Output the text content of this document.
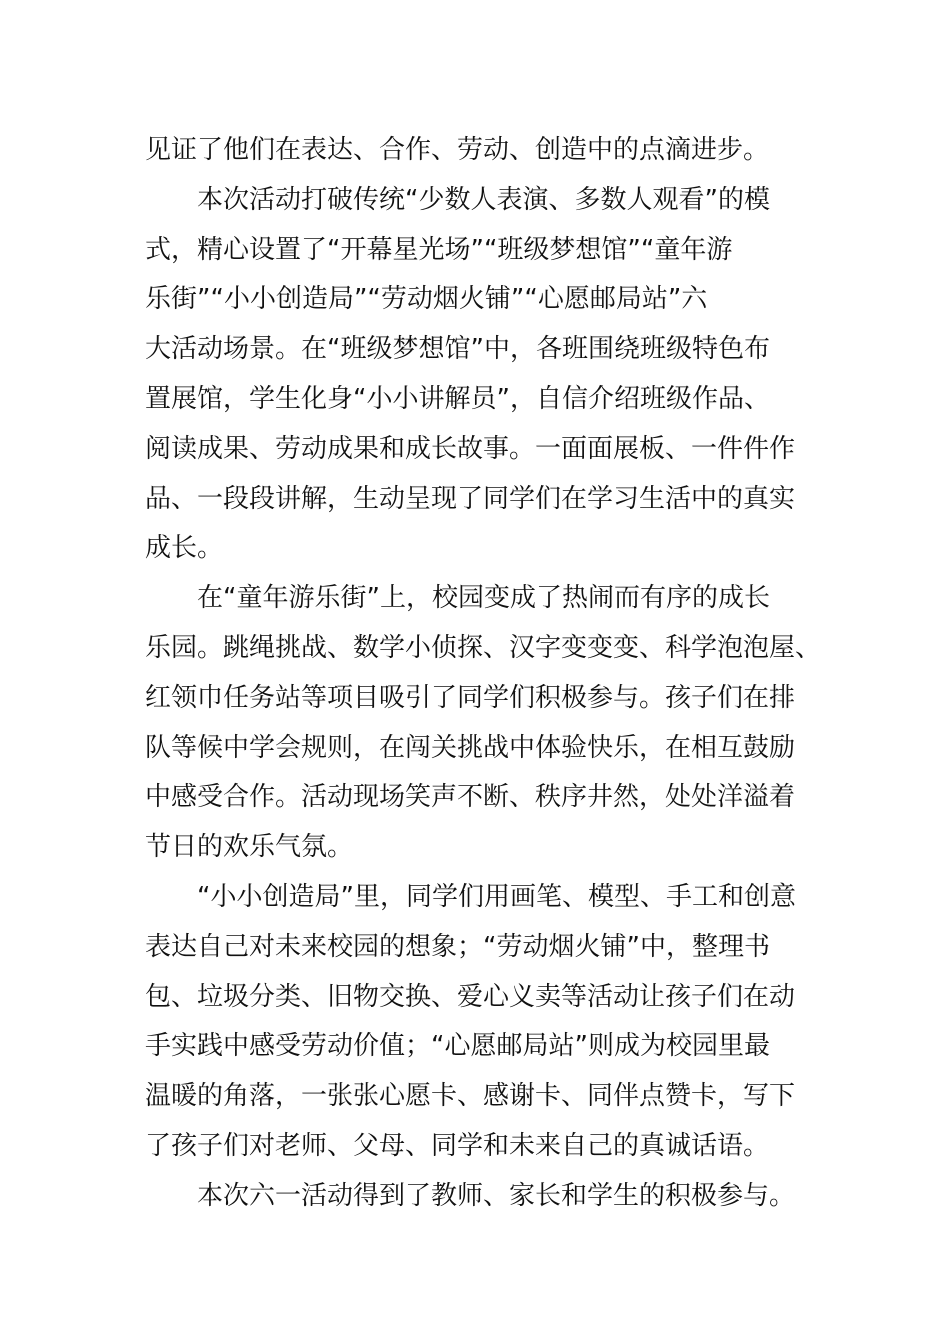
见证了他们在表达、合作、劳动、创造中的点滴进步。
本次活动打破传统“少数人表演、多数人观看”的模
式，精心设置了“开幕星光场”“班级梦想馆”“童年游
乐街”“小小创造局”“劳动烟火铺”“心愿邮局站”六
大活动场景。在“班级梦想馆”中，各班围绕班级特色布
置展馆，学生化身“小小讲解员”，自信介绍班级作品、
阅读成果、劳动成果和成长故事。一面面展板、一件件作
品、一段段讲解，生动呈现了同学们在学习生活中的真实
成长。
在“童年游乐街”上，校园变成了热闹而有序的成长
乐园。跳绳挑战、数学小侦探、汉字变变变、科学泡泡屋、
红领巾任务站等项目吸引了同学们积极参与。孩子们在排
队等候中学会规则，在闯关挑战中体验快乐，在相互鼓励
中感受合作。活动现场笑声不断、秩序井然，处处洋溢着
节日的欢乐气氛。
“小小创造局”里，同学们用画笔、模型、手工和创意
表达自己对未来校园的想象；“劳动烟火铺”中，整理书
包、垃圾分类、旧物交换、爱心义卖等活动让孩子们在动
手实践中感受劳动价值；“心愿邮局站”则成为校园里最
温暖的角落，一张张心愿卡、感谢卡、同伴点赞卡，写下
了孩子们对老师、父母、同学和未来自己的真诚话语。
本次六一活动得到了教师、家长和学生的积极参与。
